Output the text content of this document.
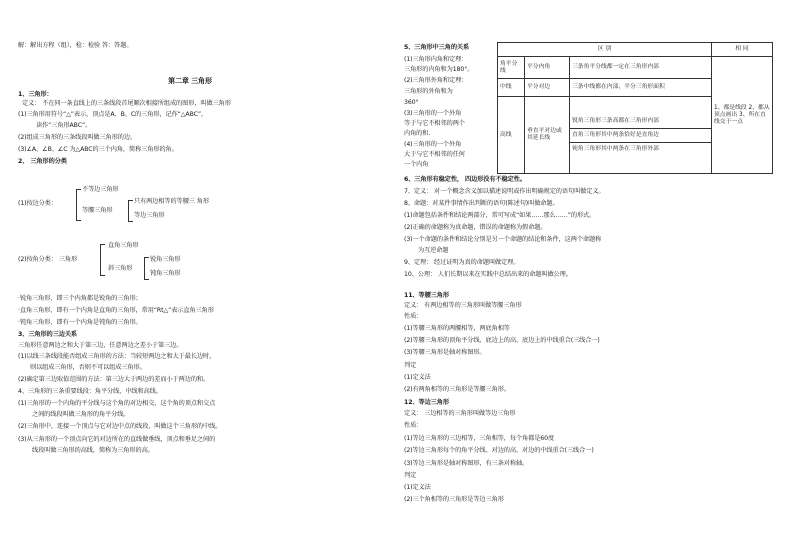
解：解出方程（组），检：检验 答：答题。
第二章 三角形
1、三角形：
定义： 不在同一条直线上的三条线段首尾顺次相接所组成的图形，叫做三角形
(1)三角形用符号“△”表示，顶点是A、B、C的三角形，记作“△ABC”，
读作“三角形ABC”。
(2)组成三角形的三条线段叫做三角形的边。
(3)∠A、∠B、∠C 为△ABC的三个内角，简称三角形的角。
2、 三角形的分类
(1)按边分类：
不等边三角形
等腰三角形
只有两边相等的等腰三 角形
等边三角形
(2)按角分类： 三角形
直角三角形
斜三角形
锐角三角形
钝角三角形
·锐角三角形，即三个内角都是锐角的三角形；
·直角三角形，即有一个内角是直角的三角形，常用“Rt△”表示直角三角形
·钝角三角形，即有一个内角是钝角的三角形。
3、三角形的三边关系
三角形任意两边之和大于第三边，任意两边之差小于第三边。
(1)以线三条线段能否组成三角形的方法：当较短两边之和大于最长边时，
则以组成三角形，否则不可以组成三角形。
(2)确定第三边取值范围的方法：第三边大于两边的差而小于两边的和。
4、三角形的三条重要线段：角平分线、中线和高线。
(1)三角形的一个内角的平分线与这个角的对边相交，这个角的顶点和交点
之间的线段叫做三角形的角平分线。
(2)三角形中，连接一个顶点与它对边中点的线段，叫做这个三角形的中线。
(3)从三角形的一个顶点向它的对边所在的直线做垂线，顶点和垂足之间的
线段叫做三角形的高线，简称为三角形的高。
5、三角形中三角的关系
(1)三角形内角和定理：
三角形的内角和为180°。
(2)三角形外角和定理：
三角形的外角和为
360°
(3)三角形的一个外角
等于与它不相邻的两个
内角的和.
(4)三角形的一个外角
大于与它不相邻的任何
一个内角
区 别			相 同
角平分线	平分内角	三条角平分线都一定在三角形内部	1、都是线段 2、都从顶点画出 3、所在直线交于一点
中线	平分对边	三条中线都在内部，平分三角形面积	
高线	垂直平对边或其延长线	锐角三角形三条高都在三角形内部
直角三角形其中两条恰好是直角边
钝角三角形其中两条在三角形外部	
6、三角形有稳定性， 四边形没有不稳定性。
7、定义： 对一个概念含义加以描述说明或作出明确规定的语句叫做定义。
8、命题：对某件事情作出判断的语句(陈述句)叫做命题。
(1)命题包括条件和结论两部分，常可写成“如果……那么……”的形式。
(2)正确的命题称为真命题，错误的命题称为假命题。
(3)一个命题的条件和结论分别是另一个命题的结论和条件，这两个命题称
为互逆命题
9、定理： 经过证明为真的命题叫做定理。
10、公理： 人们长期以来在实践中总结出来的命题叫做公理。
11、等腰三角形
定义： 有两边相等的三角形叫做等腰三角形
性质：
(1)等腰三角形的两腰相等，两底角相等
(2)等腰三角形的顶角平分线、底边上的高、底边上的中线重合(三线合一)
(3)等腰三角形是轴对称图形。
判定
(1)定义法
(2)有两角相等的三角形是等腰三角形。
12、等边三角形
定义： 三边相等的三角形叫做等边三角形
性质：
(1)等边三角形的三边相等，三角相等，每个角都是60度
(2)等边三角形每个的角平分线、对边的高、对边的中线重合(三线合一)
(3)等边三角形是轴对称图形，有三条对称轴。
判定
(1)定义法
(2)三个角相等的三角形是等边三角形
